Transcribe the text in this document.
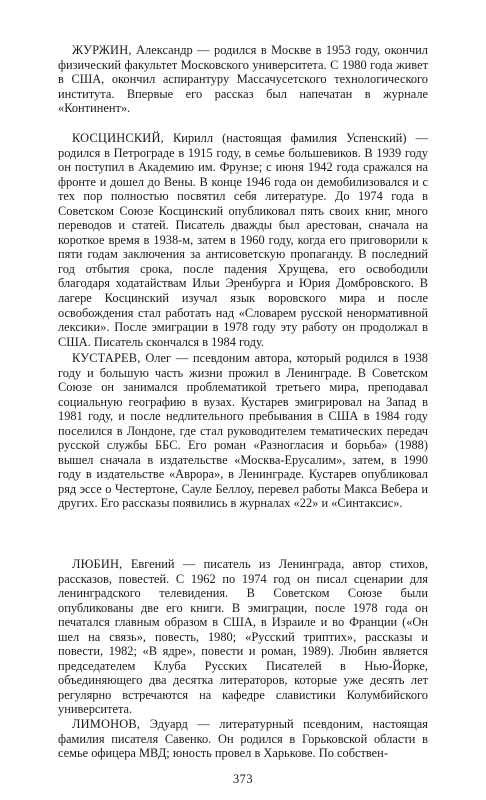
ЖУРЖИН, Александр — родился в Москве в 1953 году, окончил физический факультет Московского университета. С 1980 года живет в США, окончил аспирантуру Массачусетского технологического института. Впервые его рассказ был напечатан в журнале «Континент».

КОСЦИНСКИЙ, Кирилл (настоящая фамилия Успенский) — родился в Петрограде в 1915 году, в семье большевиков. В 1939 году он поступил в Академию им. Фрунзе; с июня 1942 года сражался на фронте и дошел до Вены. В конце 1946 года он демобилизовался и с тех пор полностью посвятил себя литературе. До 1974 года в Советском Союзе Косцинский опубликовал пять своих книг, много переводов и статей. Писатель дважды был арестован, сначала на короткое время в 1938-м, затем в 1960 году, когда его приговорили к пяти годам заключения за антисоветскую пропаганду. В последний год отбытия срока, после падения Хрущева, его освободили благодаря ходатайствам Ильи Эренбурга и Юрия Домбровского. В лагере Косцинский изучал язык воровского мира и после освобождения стал работать над «Словарем русской ненормативной лексики». После эмиграции в 1978 году эту работу он продолжал в США. Писатель скончался в 1984 году.

КУСТАРЕВ, Олег — псевдоним автора, который родился в 1938 году и большую часть жизни прожил в Ленинграде. В Советском Союзе он занимался проблематикой третьего мира, преподавал социальную географию в вузах. Кустарев эмигрировал на Запад в 1981 году, и после недлительного пребывания в США в 1984 году поселился в Лондоне, где стал руководителем тематических передач русской службы ББС. Его роман «Разногласия и борьба» (1988) вышел сначала в издательстве «Москва-Ерусалим», затем, в 1990 году в издательстве «Аврора», в Ленинграде. Кустарев опубликовал ряд эссе о Честертоне, Сауле Беллоу, перевел работы Макса Вебера и других. Его рассказы появились в журналах «22» и «Синтаксис».

ЛЮБИН, Евгений — писатель из Ленинграда, автор стихов, рассказов, повестей. С 1962 по 1974 год он писал сценарии для ленинградского телевидения. В Советском Союзе были опубликованы две его книги. В эмиграции, после 1978 года он печатался главным образом в США, в Израиле и во Франции («Он шел на связь», повесть, 1980; «Русский триптих», рассказы и повести, 1982; «В ядре», повести и роман, 1989). Любин является председателем Клуба Русских Писателей в Нью-Йорке, объединяющего два десятка литераторов, которые уже десять лет регулярно встречаются на кафедре славистики Колумбийского университета.

ЛИМОНОВ, Эдуард — литературный псевдоним, настоящая фамилия писателя Савенко. Он родился в Горьковской области в семье офицера МВД; юность провел в Харькове. По собствен-

373
